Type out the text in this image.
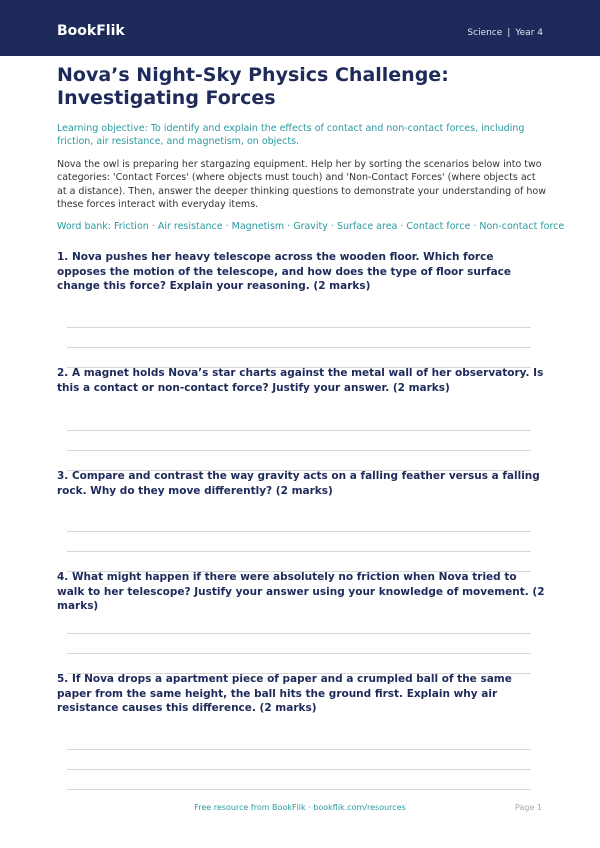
BookFlik	Science | Year 4
Nova’s Night-Sky Physics Challenge: Investigating Forces
Learning objective: To identify and explain the effects of contact and non-contact forces, including friction, air resistance, and magnetism, on objects.
Nova the owl is preparing her stargazing equipment. Help her by sorting the scenarios below into two categories: 'Contact Forces' (where objects must touch) and 'Non-Contact Forces' (where objects act at a distance). Then, answer the deeper thinking questions to demonstrate your understanding of how these forces interact with everyday items.
Word bank: Friction · Air resistance · Magnetism · Gravity · Surface area · Contact force · Non-contact force
1. Nova pushes her heavy telescope across the wooden floor. Which force opposes the motion of the telescope, and how does the type of floor surface change this force? Explain your reasoning. (2 marks)
2. A magnet holds Nova’s star charts against the metal wall of her observatory. Is this a contact or non-contact force? Justify your answer. (2 marks)
3. Compare and contrast the way gravity acts on a falling feather versus a falling rock. Why do they move differently? (2 marks)
4. What might happen if there were absolutely no friction when Nova tried to walk to her telescope? Justify your answer using your knowledge of movement. (2 marks)
5. If Nova drops a apartment piece of paper and a crumpled ball of the same paper from the same height, the ball hits the ground first. Explain why air resistance causes this difference. (2 marks)
Free resource from BookFlik · bookflik.com/resources	Page 1
